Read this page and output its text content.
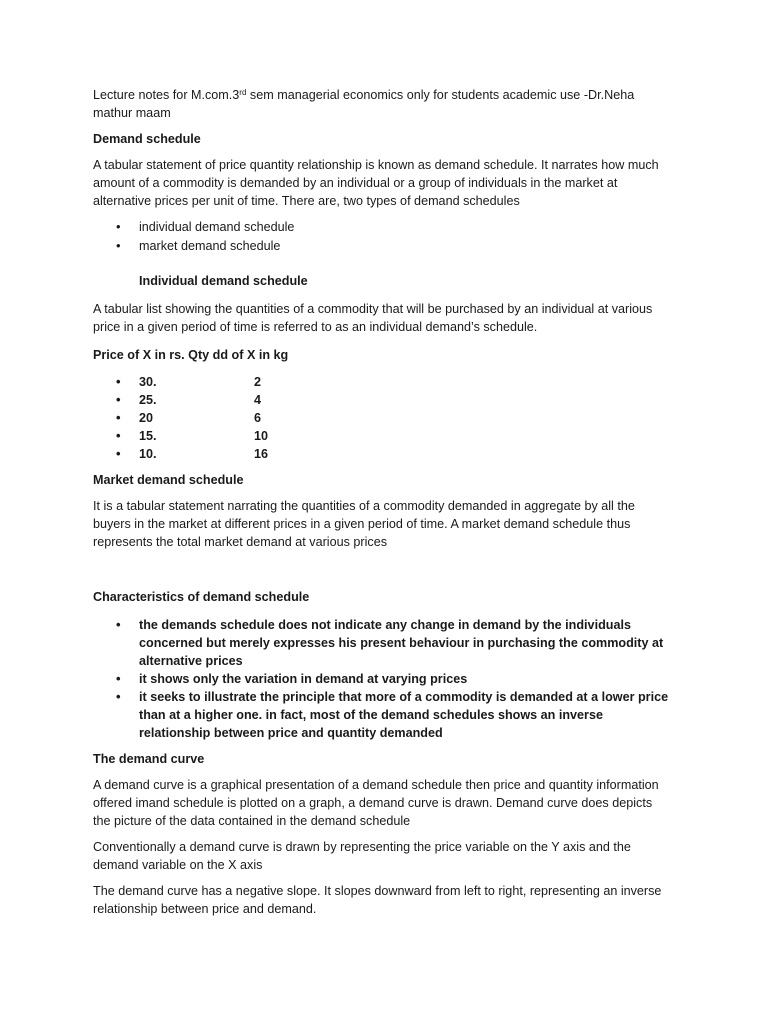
Lecture notes for M.com.3rd sem managerial economics only for students academic use -Dr.Neha mathur maam

Demand schedule

A tabular statement of price quantity relationship is known as demand schedule. It narrates how much amount of a commodity is demanded by an individual or a group of individuals in the market at alternative prices per unit of time. There are, two types of demand schedules

• individual demand schedule
• market demand schedule

Individual demand schedule

A tabular list showing the quantities of a commodity that will be purchased by an individual at various price in a given period of time is referred to as an individual demand’s schedule.

Price of X in rs. Qty dd of X in kg

• 30.	2
• 25.	4
• 20	6
• 15.	10
• 10.	16

Market demand schedule

It is a tabular statement narrating the quantities of a commodity demanded in aggregate by all the buyers in the market at different prices in a given period of time. A market demand schedule thus represents the total market demand at various prices

Characteristics of demand schedule

• the demands schedule does not indicate any change in demand by the individuals concerned but merely expresses his present behaviour in purchasing the commodity at alternative prices
• it shows only the variation in demand at varying prices
• it seeks to illustrate the principle that more of a commodity is demanded at a lower price than at a higher one. in fact, most of the demand schedules shows an inverse relationship between price and quantity demanded

The demand curve

A demand curve is a graphical presentation of a demand schedule then price and quantity information offered imand schedule is plotted on a graph, a demand curve is drawn. Demand curve does depicts the picture of the data contained in the demand schedule

Conventionally a demand curve is drawn by representing the price variable on the Y axis and the demand variable on the X axis

The demand curve has a negative slope. It slopes downward from left to right, representing an inverse relationship between price and demand.
